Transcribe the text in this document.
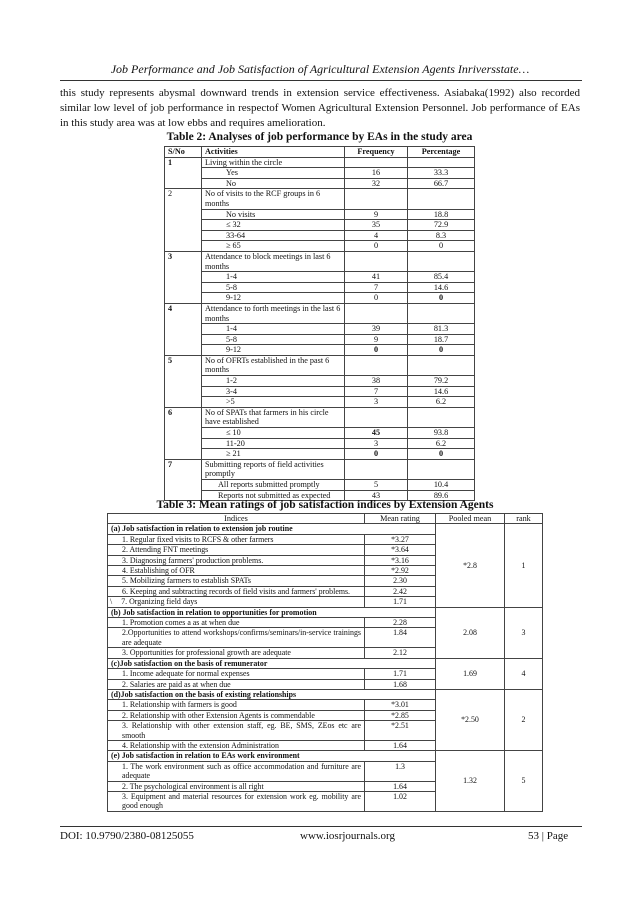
Job Performance and Job Satisfaction of Agricultural Extension Agents Inriversstate…
this study represents abysmal downward trends in extension service effectiveness. Asiabaka(1992) also recorded similar low level of job performance in respectof Women Agricultural Extension Personnel. Job performance of EAs in this study area was at low ebbs and requires amelioration.
Table 2: Analyses of job performance by EAs in the study area
S/No	Activities	Frequency	Percentage
1	Living within the circle		
	Yes	16	33.3
	No	32	66.7
2	No of visits to the RCF groups in 6 months		
	No visits	9	18.8
	≤ 32	35	72.9
	33-64	4	8.3
	≥ 65	0	0
3	Attendance to block meetings in last 6 months		
	1-4	41	85.4
	5-8	7	14.6
	9-12	0	0
4	Attendance to forth meetings in the last 6 months		
	1-4	39	81.3
	5-8	9	18.7
	9-12	0	0
5	No of OFRTs established in the past 6 months		
	1-2	38	79.2
	3-4	7	14.6
	>5	3	6.2
6	No of SPATs that farmers in his circle have established		
	≤ 10	45	93.8
	11-20	3	6.2
	≥ 21	0	0
7	Submitting reports of field activities promptly		
	All reports submitted promptly	5	10.4
	Reports not submitted as expected	43	89.6
Table 3: Mean ratings of job satisfaction indices by Extension Agents
Indices	Mean rating	Pooled mean	rank
(a) Job satisfaction in relation to extension job routine		*2.8	1
1. Regular fixed visits to RCFS & other farmers	*3.27		
2. Attending FNT meetings	*3.64		
3. Diagnosing farmers' production problems.	*3.16		
4. Establishing of OFR	*2.92		
5. Mobilizing farmers to establish SPATs	2.30		
6. Keeping and subtracting records of field visits and farmers' problems.	2.42		
\ 7. Organizing field days	1.71		
(b) Job satisfaction in relation to opportunities for promotion		2.08	3
1. Promotion comes a as at when due	2.28		
2.Opportunities to attend workshops/confirms/seminars/in-service trainings are adequate	1.84		
3. Opportunities for professional growth are adequate	2.12		
(c)Job satisfaction on the basis of remunerator		1.69	4
1. Income adequate for normal expenses	1.71		
2. Salaries are paid as at when due	1.68		
(d)Job satisfaction on the basis of existing relationships		*2.50	2
1. Relationship with farmers is good	*3.01		
2. Relationship with other Extension Agents is commendable	*2.85		
3. Relationship with other extension staff, eg. BE, SMS, ZEos etc are smooth	*2.51		
4. Relationship with the extension Administration	1.64		
(e) Job satisfaction in relation to EAs work environment		1.32	5
1. The work environment such as office accommodation and furniture are adequate	1.3		
2. The psychological environment is all right	1.64		
3. Equipment and material resources for extension work eg. mobility are good enough	1.02		
DOI: 10.9790/2380-08125055	www.iosrjournals.org	53 | Page
